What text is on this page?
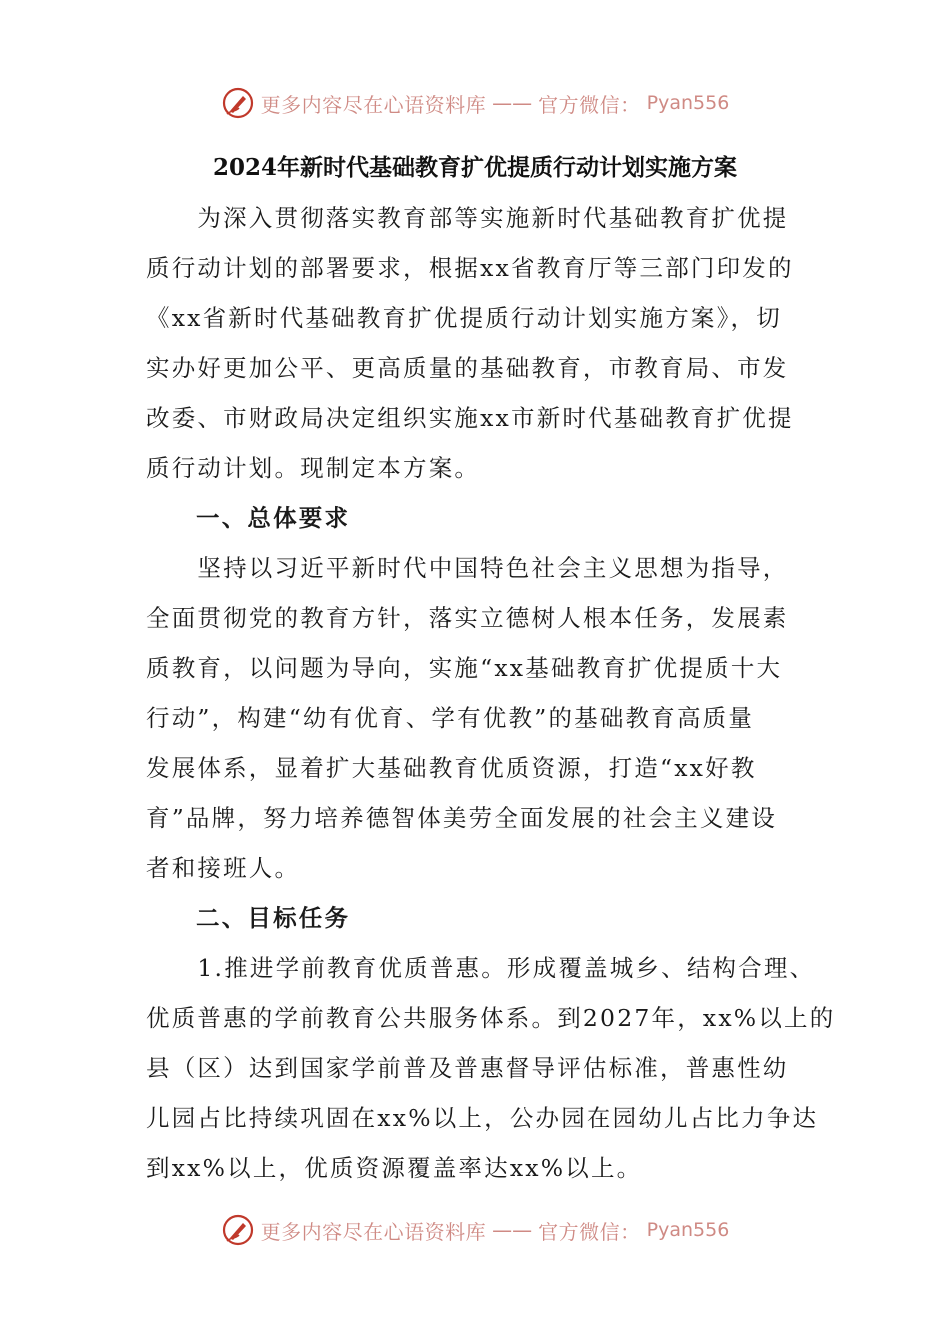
更多内容尽在心语资料库 —— 官方微信： Pyan556
2024年新时代基础教育扩优提质行动计划实施方案
　　为深入贯彻落实教育部等实施新时代基础教育扩优提
质行动计划的部署要求，根据xx省教育厅等三部门印发的
《xx省新时代基础教育扩优提质行动计划实施方案》，切
实办好更加公平、更高质量的基础教育，市教育局、市发
改委、市财政局决定组织实施xx市新时代基础教育扩优提
质行动计划。现制定本方案。
一、总体要求
　　坚持以习近平新时代中国特色社会主义思想为指导，
全面贯彻党的教育方针，落实立德树人根本任务，发展素
质教育，以问题为导向，实施“xx基础教育扩优提质十大
行动”，构建“幼有优育、学有优教”的基础教育高质量
发展体系，显着扩大基础教育优质资源，打造“xx好教
育”品牌，努力培养德智体美劳全面发展的社会主义建设
者和接班人。
二、目标任务
　　1.推进学前教育优质普惠。形成覆盖城乡、结构合理、
优质普惠的学前教育公共服务体系。到2027年，xx%以上的
县（区）达到国家学前普及普惠督导评估标准，普惠性幼
儿园占比持续巩固在xx%以上，公办园在园幼儿占比力争达
到xx%以上，优质资源覆盖率达xx%以上。
更多内容尽在心语资料库 —— 官方微信： Pyan556
